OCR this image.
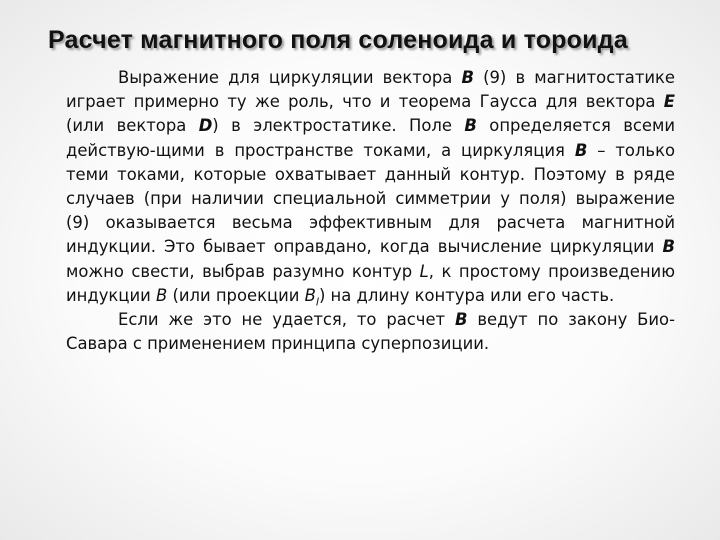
Расчет магнитного поля соленоида и тороида

Выражение для циркуляции вектора B (9) в магнитостатике играет примерно ту же роль, что и теорема Гаусса для вектора E (или вектора D) в электростатике. Поле B определяется всеми действую-щими в пространстве токами, а циркуляция B – только теми токами, которые охватывает данный контур. Поэтому в ряде случаев (при наличии специальной симметрии у поля) выражение (9) оказывается весьма эффективным для расчета магнитной индукции. Это бывает оправдано, когда вычисление циркуляции B можно свести, выбрав разумно контур L, к простому произведению индукции B (или проекции $B_l$) на длину контура или его часть.

Если же это не удается, то расчет B ведут по закону Био-Савара с применением принципа суперпозиции.
